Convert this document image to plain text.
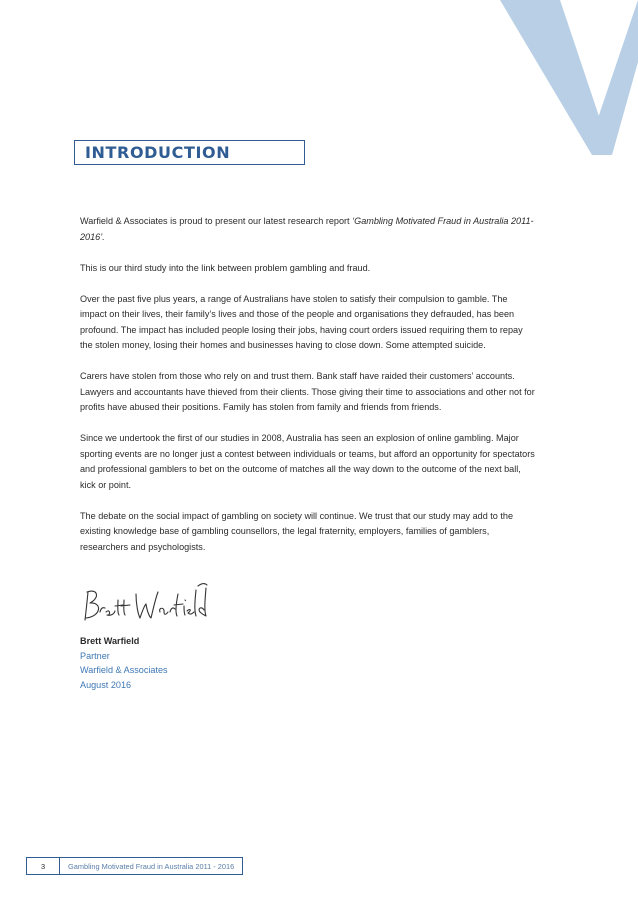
INTRODUCTION

Warfield & Associates is proud to present our latest research report ‘Gambling Motivated Fraud in Australia 2011-2016’.

This is our third study into the link between problem gambling and fraud.

Over the past five plus years, a range of Australians have stolen to satisfy their compulsion to gamble. The impact on their lives, their family’s lives and those of the people and organisations they defrauded, has been profound. The impact has included people losing their jobs, having court orders issued requiring them to repay the stolen money, losing their homes and businesses having to close down. Some attempted suicide.

Carers have stolen from those who rely on and trust them. Bank staff have raided their customers’ accounts. Lawyers and accountants have thieved from their clients. Those giving their time to associations and other not for profits have abused their positions. Family has stolen from family and friends from friends.

Since we undertook the first of our studies in 2008, Australia has seen an explosion of online gambling. Major sporting events are no longer just a contest between individuals or teams, but afford an opportunity for spectators and professional gamblers to bet on the outcome of matches all the way down to the outcome of the next ball, kick or point.

The debate on the social impact of gambling on society will continue. We trust that our study may add to the existing knowledge base of gambling counsellors, the legal fraternity, employers, families of gamblers, researchers and psychologists.

Brett Warfield
Partner
Warfield & Associates
August 2016
3	Gambling Motivated Fraud in Australia 2011 - 2016
